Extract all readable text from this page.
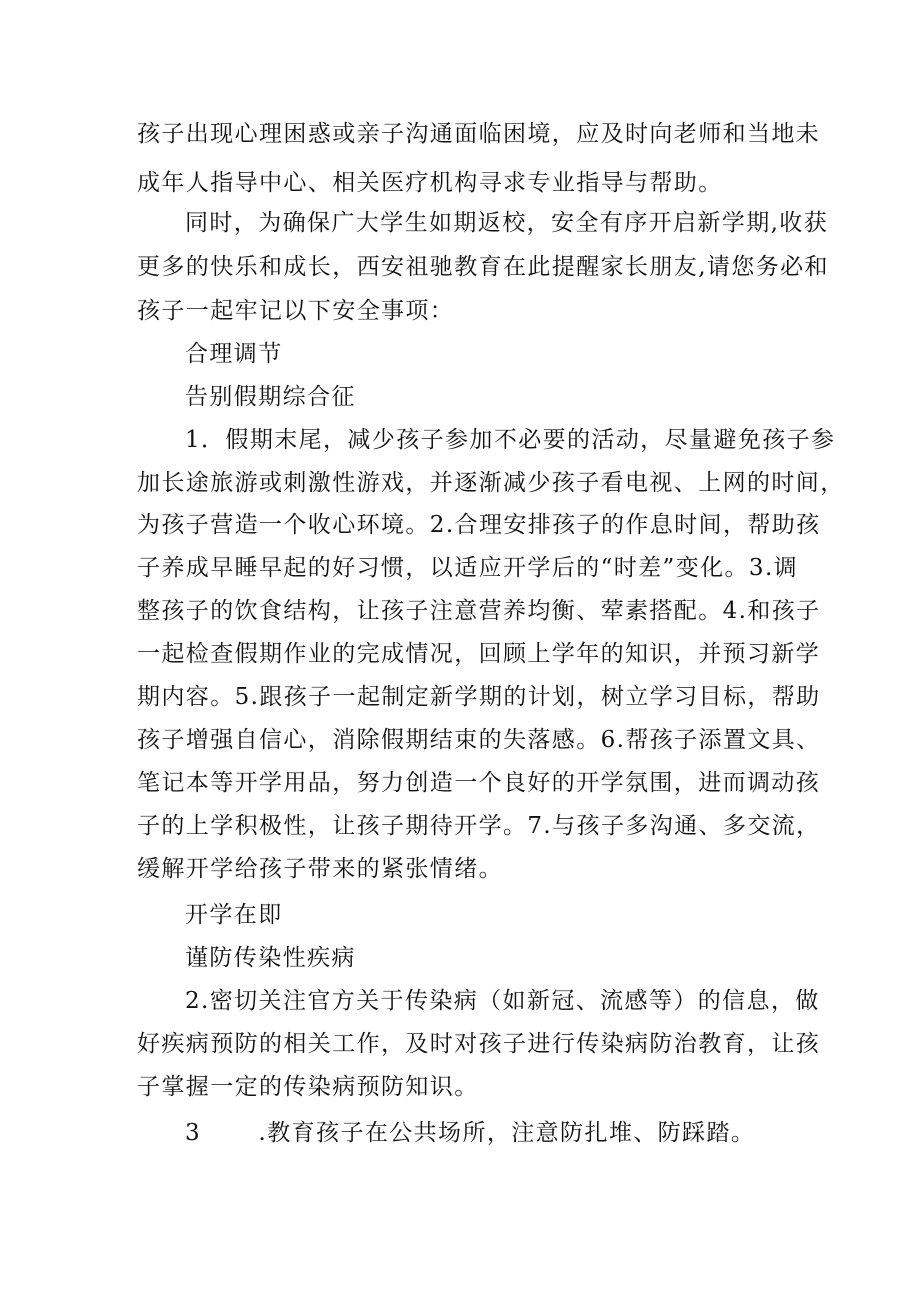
孩子出现心理困惑或亲子沟通面临困境，应及时向老师和当地未

成年人指导中心、相关医疗机构寻求专业指导与帮助。

同时，为确保广大学生如期返校，安全有序开启新学期,收获

更多的快乐和成长，西安祖驰教育在此提醒家长朋友,请您务必和

孩子一起牢记以下安全事项：

合理调节

告别假期综合征

1．假期末尾，减少孩子参加不必要的活动，尽量避免孩子参

加长途旅游或刺激性游戏，并逐渐减少孩子看电视、上网的时间，

为孩子营造一个收心环境。2.合理安排孩子的作息时间，帮助孩

子养成早睡早起的好习惯，以适应开学后的“时差”变化。3.调

整孩子的饮食结构，让孩子注意营养均衡、荤素搭配。4.和孩子

一起检查假期作业的完成情况，回顾上学年的知识，并预习新学

期内容。5.跟孩子一起制定新学期的计划，树立学习目标，帮助

孩子增强自信心，消除假期结束的失落感。6.帮孩子添置文具、

笔记本等开学用品，努力创造一个良好的开学氛围，进而调动孩

子的上学积极性，让孩子期待开学。7.与孩子多沟通、多交流，

缓解开学给孩子带来的紧张情绪。

开学在即

谨防传染性疾病

2.密切关注官方关于传染病（如新冠、流感等）的信息，做

好疾病预防的相关工作，及时对孩子进行传染病防治教育，让孩

子掌握一定的传染病预防知识。

3 　　.教育孩子在公共场所，注意防扎堆、防踩踏。
